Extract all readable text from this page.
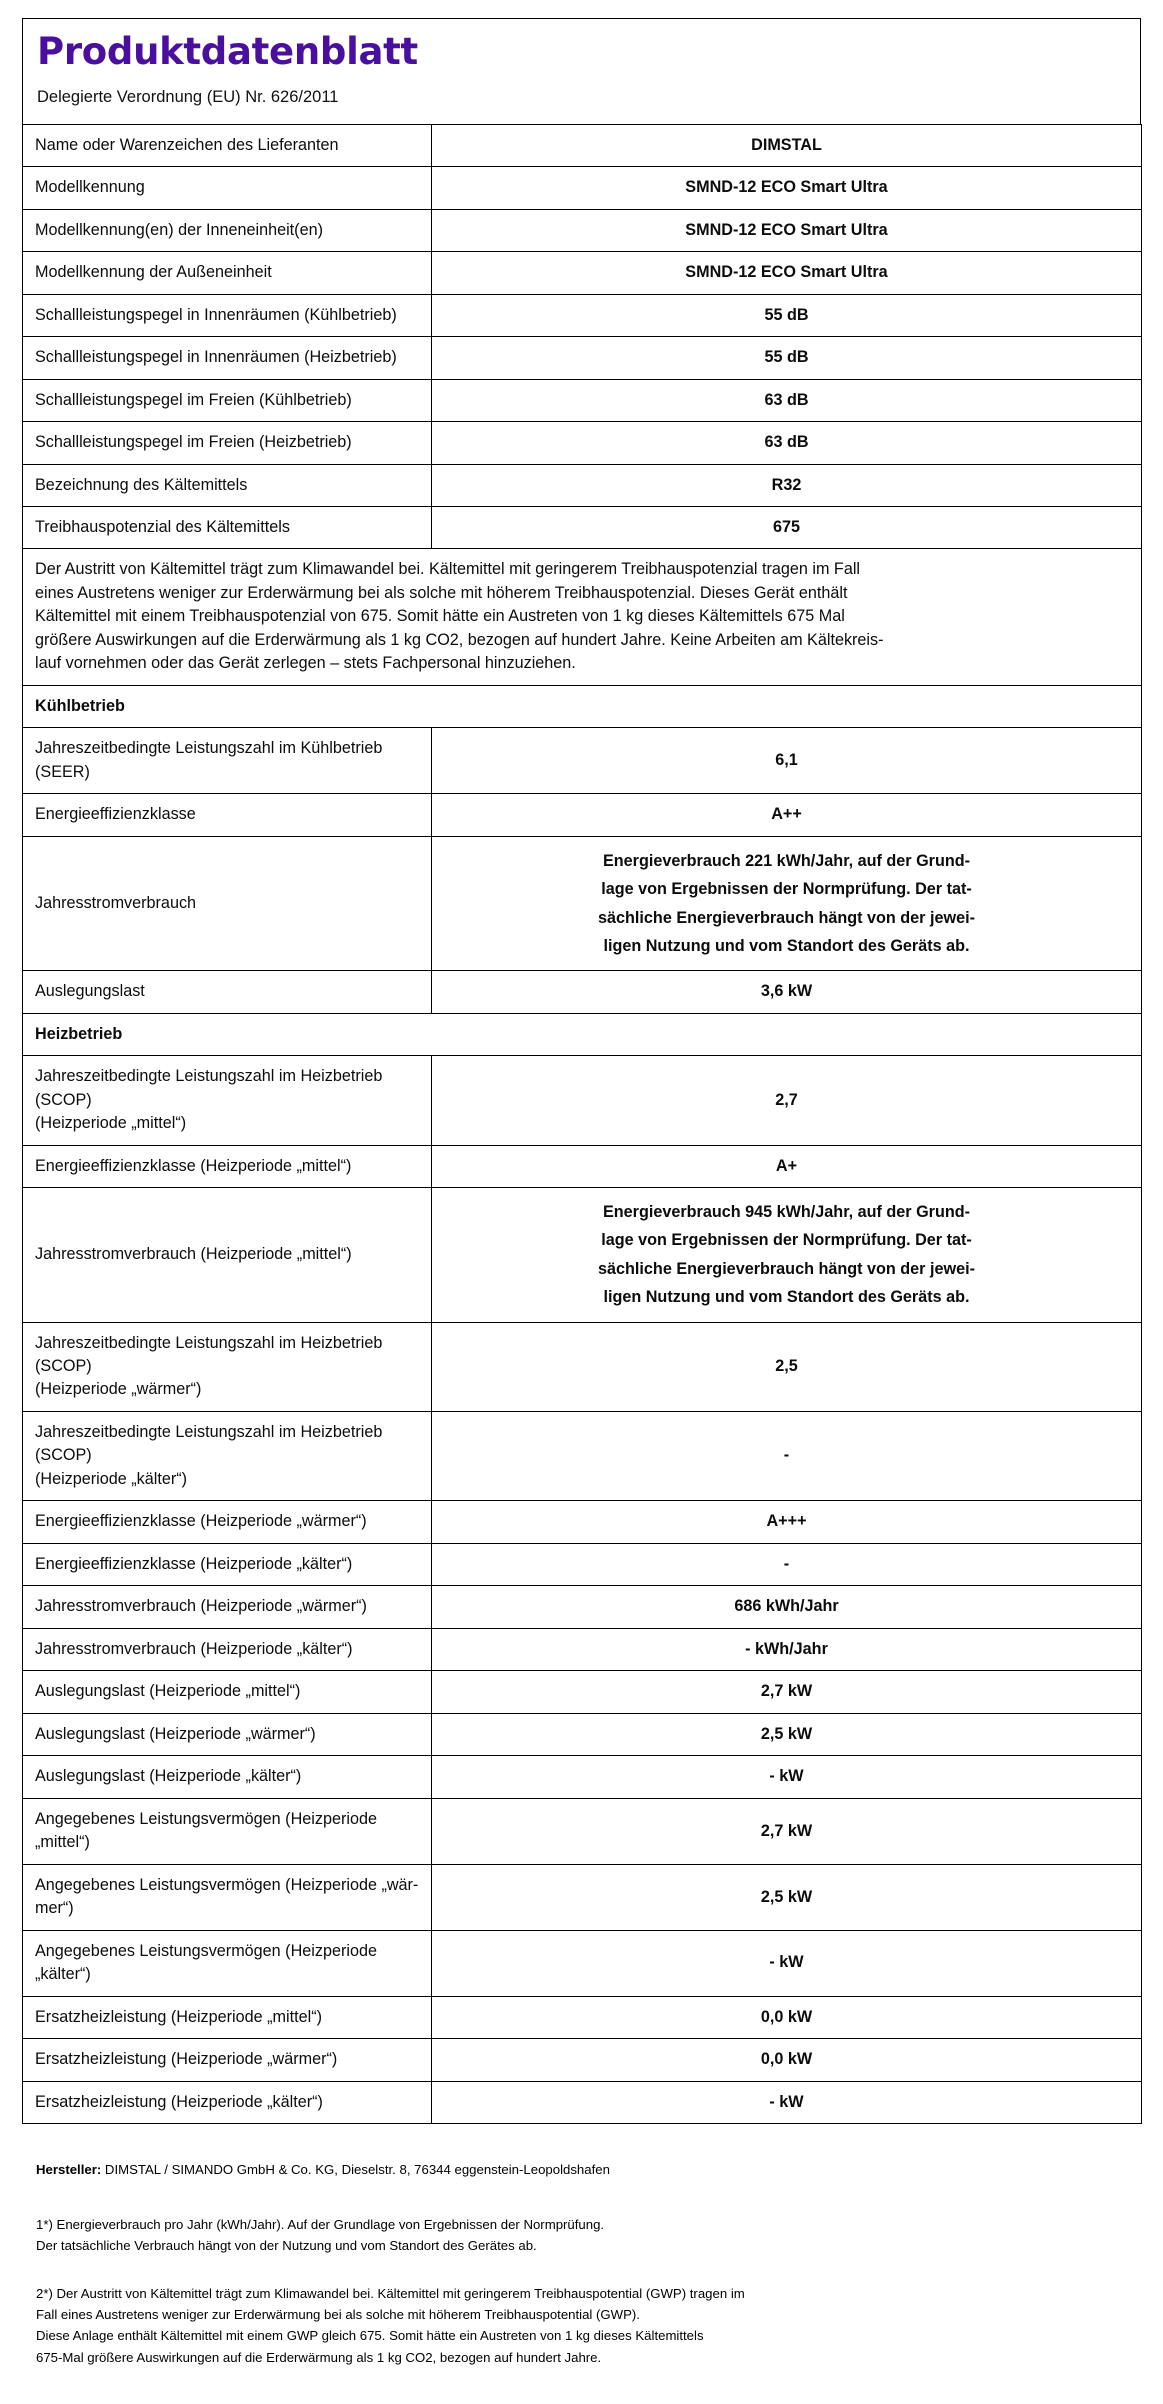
Produktdatenblatt
Delegierte Verordnung (EU) Nr. 626/2011
Name oder Warenzeichen des Lieferanten	DIMSTAL
Modellkennung	SMND-12 ECO Smart Ultra
Modellkennung(en) der Inneneinheit(en)	SMND-12 ECO Smart Ultra
Modellkennung der Außeneinheit	SMND-12 ECO Smart Ultra
Schallleistungspegel in Innenräumen (Kühlbetrieb)	55 dB
Schallleistungspegel in Innenräumen (Heizbetrieb)	55 dB
Schallleistungspegel im Freien (Kühlbetrieb)	63 dB
Schallleistungspegel im Freien (Heizbetrieb)	63 dB
Bezeichnung des Kältemittels	R32
Treibhauspotenzial des Kältemittels	675

Der Austritt von Kältemittel trägt zum Klimawandel bei. Kältemittel mit geringerem Treibhauspotenzial tragen im Fall
eines Austretens weniger zur Erderwärmung bei als solche mit höherem Treibhauspotenzial. Dieses Gerät enthält
Kältemittel mit einem Treibhauspotenzial von 675. Somit hätte ein Austreten von 1 kg dieses Kältemittels 675 Mal
größere Auswirkungen auf die Erderwärmung als 1 kg CO2, bezogen auf hundert Jahre. Keine Arbeiten am Kältekreis-
lauf vornehmen oder das Gerät zerlegen – stets Fachpersonal hinzuziehen.	

Kühlbetrieb	
Jahreszeitbedingte Leistungszahl im Kühlbetrieb (SEER)	6,1
Energieeffizienzklasse	A++
Jahresstromverbrauch	Energieverbrauch 221 kWh/Jahr, auf der Grund-
lage von Ergebnissen der Normprüfung. Der tat-
sächliche Energieverbrauch hängt von der jewei-
ligen Nutzung und vom Standort des Geräts ab.

Auslegungslast	3,6 kW
Heizbetrieb	

Jahreszeitbedingte Leistungszahl im Heizbetrieb (SCOP)
(Heizperiode „mittel“)	2,7
Energieeffizienzklasse (Heizperiode „mittel“)	A+
Jahresstromverbrauch (Heizperiode „mittel“)	Energieverbrauch 945 kWh/Jahr, auf der Grund-
lage von Ergebnissen der Normprüfung. Der tat-
sächliche Energieverbrauch hängt von der jewei-
ligen Nutzung und vom Standort des Geräts ab.

Jahreszeitbedingte Leistungszahl im Heizbetrieb (SCOP)
(Heizperiode „wärmer“)	2,5

Jahreszeitbedingte Leistungszahl im Heizbetrieb (SCOP)
(Heizperiode „kälter“)	-
Energieeffizienzklasse (Heizperiode „wärmer“)	A+++
Energieeffizienzklasse (Heizperiode „kälter“)	-
Jahresstromverbrauch (Heizperiode „wärmer“)	686 kWh/Jahr
Jahresstromverbrauch (Heizperiode „kälter“)	- kWh/Jahr
Auslegungslast (Heizperiode „mittel“)	2,7 kW
Auslegungslast (Heizperiode „wärmer“)	2,5 kW
Auslegungslast (Heizperiode „kälter“)	- kW
Angegebenes Leistungsvermögen (Heizperiode „mittel“)	2,7 kW

Angegebenes Leistungsvermögen (Heizperiode „wär-
mer“)	2,5 kW
Angegebenes Leistungsvermögen (Heizperiode „kälter“)	- kW
Ersatzheizleistung (Heizperiode „mittel“)	0,0 kW
Ersatzheizleistung (Heizperiode „wärmer“)	0,0 kW
Ersatzheizleistung (Heizperiode „kälter“)	- kW
Hersteller: DIMSTAL / SIMANDO GmbH & Co. KG, Dieselstr. 8, 76344 eggenstein-Leopoldshafen
1*) Energieverbrauch pro Jahr (kWh/Jahr). Auf der Grundlage von Ergebnissen der Normprüfung.
Der tatsächliche Verbrauch hängt von der Nutzung und vom Standort des Gerätes ab.
2*) Der Austritt von Kältemittel trägt zum Klimawandel bei. Kältemittel mit geringerem Treibhauspotential (GWP) tragen im
Fall eines Austretens weniger zur Erderwärmung bei als solche mit höherem Treibhauspotential (GWP).
Diese Anlage enthält Kältemittel mit einem GWP gleich 675. Somit hätte ein Austreten von 1 kg dieses Kältemittels
675-Mal größere Auswirkungen auf die Erderwärmung als 1 kg CO2, bezogen auf hundert Jahre.
